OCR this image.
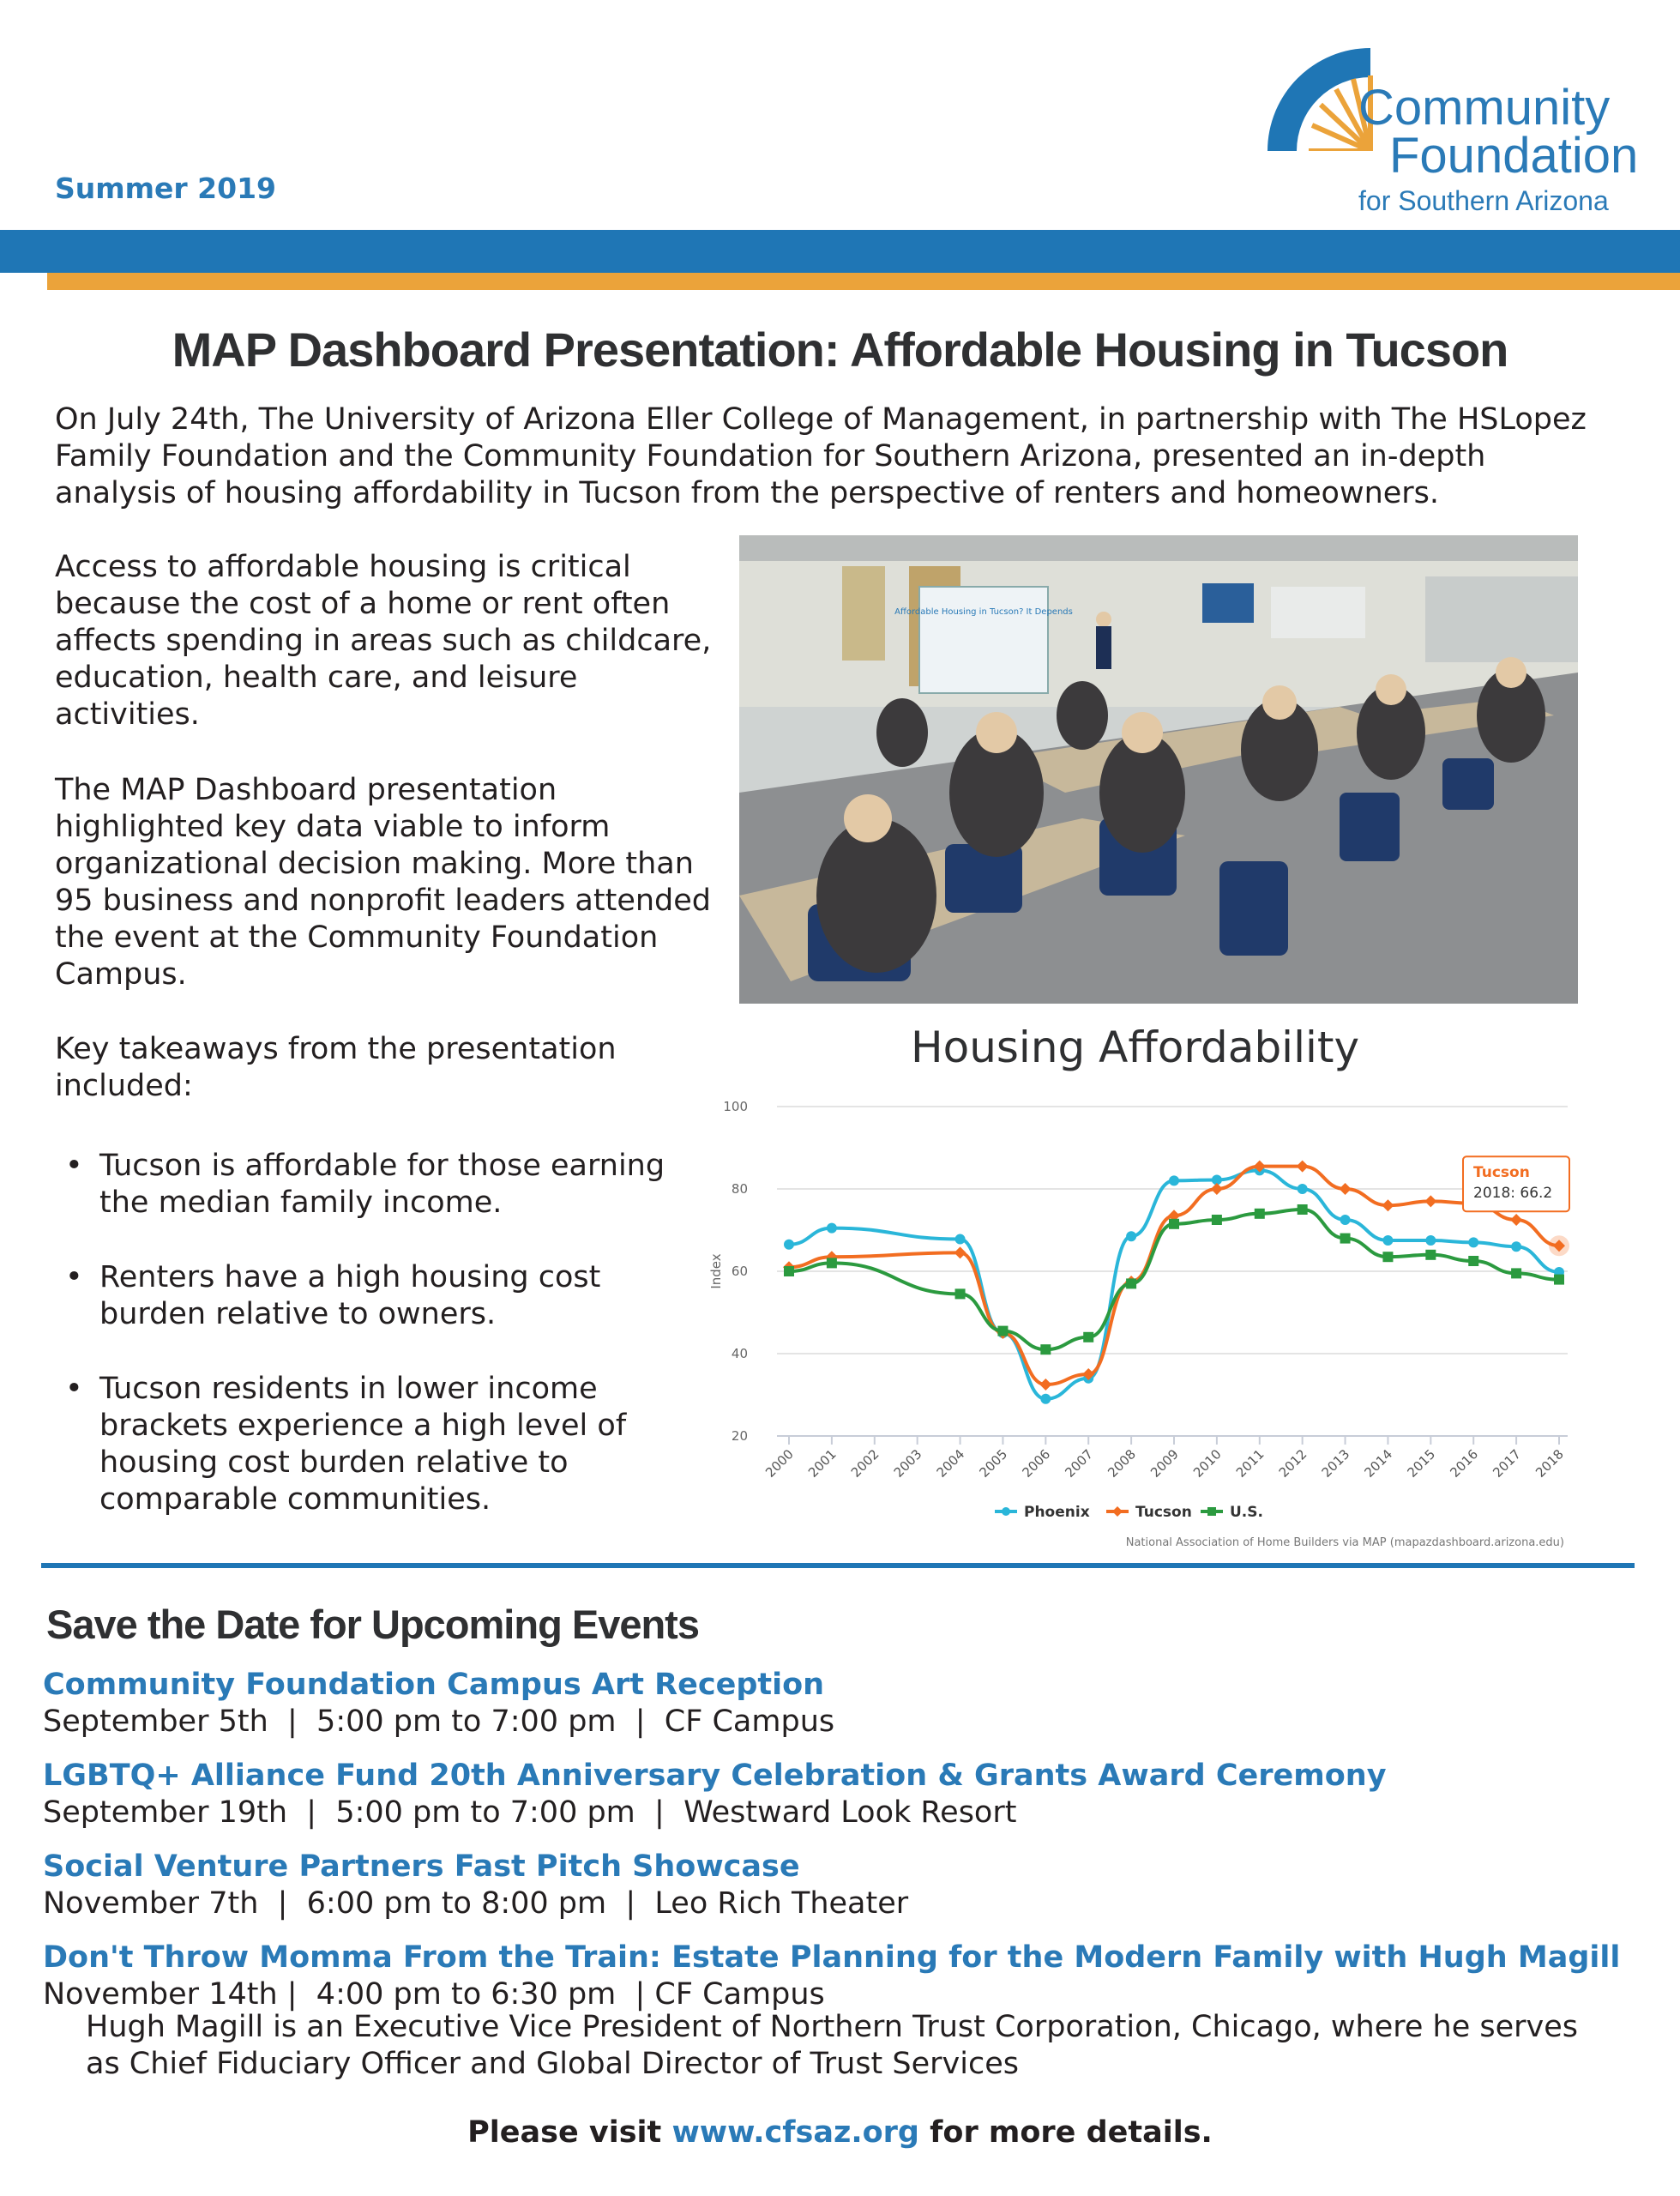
Summer 2019
Community
Foundation
for Southern Arizona
MAP Dashboard Presentation: Affordable Housing in Tucson
On July 24th, The University of Arizona Eller College of Management, in partnership with The HSLopez Family Foundation and the Community Foundation for Southern Arizona, presented an in-depth analysis of housing affordability in Tucson from the perspective of renters and homeowners.
Access to affordable housing is critical because the cost of a home or rent often affects spending in areas such as childcare, education, health care, and leisure activities.
The MAP Dashboard presentation highlighted key data viable to inform organizational decision making. More than 95 business and nonprofit leaders attended the event at the Community Foundation Campus.
Key takeaways from the presentation included:
• Tucson is affordable for those earning the median family income.
• Renters have a high housing cost burden relative to owners.
• Tucson residents in lower income brackets experience a high level of housing cost burden relative to comparable communities.
Affordable Housing in Tucson? It Depends
Housing Affordability
20
40
60
80
100
Index
2000 2001 2002 2003 2004 2005 2006 2007 2008 2009 2010 2011 2012 2013 2014 2015 2016 2017 2018
Tucson
2018: 66.2
Phoenix	Tucson	U.S.
National Association of Home Builders via MAP (mapazdashboard.arizona.edu)
Save the Date for Upcoming Events
Community Foundation Campus Art Reception
September 5th  |  5:00 pm to 7:00 pm  |  CF Campus
LGBTQ+ Alliance Fund 20th Anniversary Celebration & Grants Award Ceremony
September 19th  |  5:00 pm to 7:00 pm  |  Westward Look Resort
Social Venture Partners Fast Pitch Showcase
November 7th  |  6:00 pm to 8:00 pm  |  Leo Rich Theater
Don't Throw Momma From the Train: Estate Planning for the Modern Family with Hugh Magill
November 14th |  4:00 pm to 6:30 pm  | CF Campus
Hugh Magill is an Executive Vice President of Northern Trust Corporation, Chicago, where he serves as Chief Fiduciary Officer and Global Director of Trust Services
Please visit www.cfsaz.org for more details.
